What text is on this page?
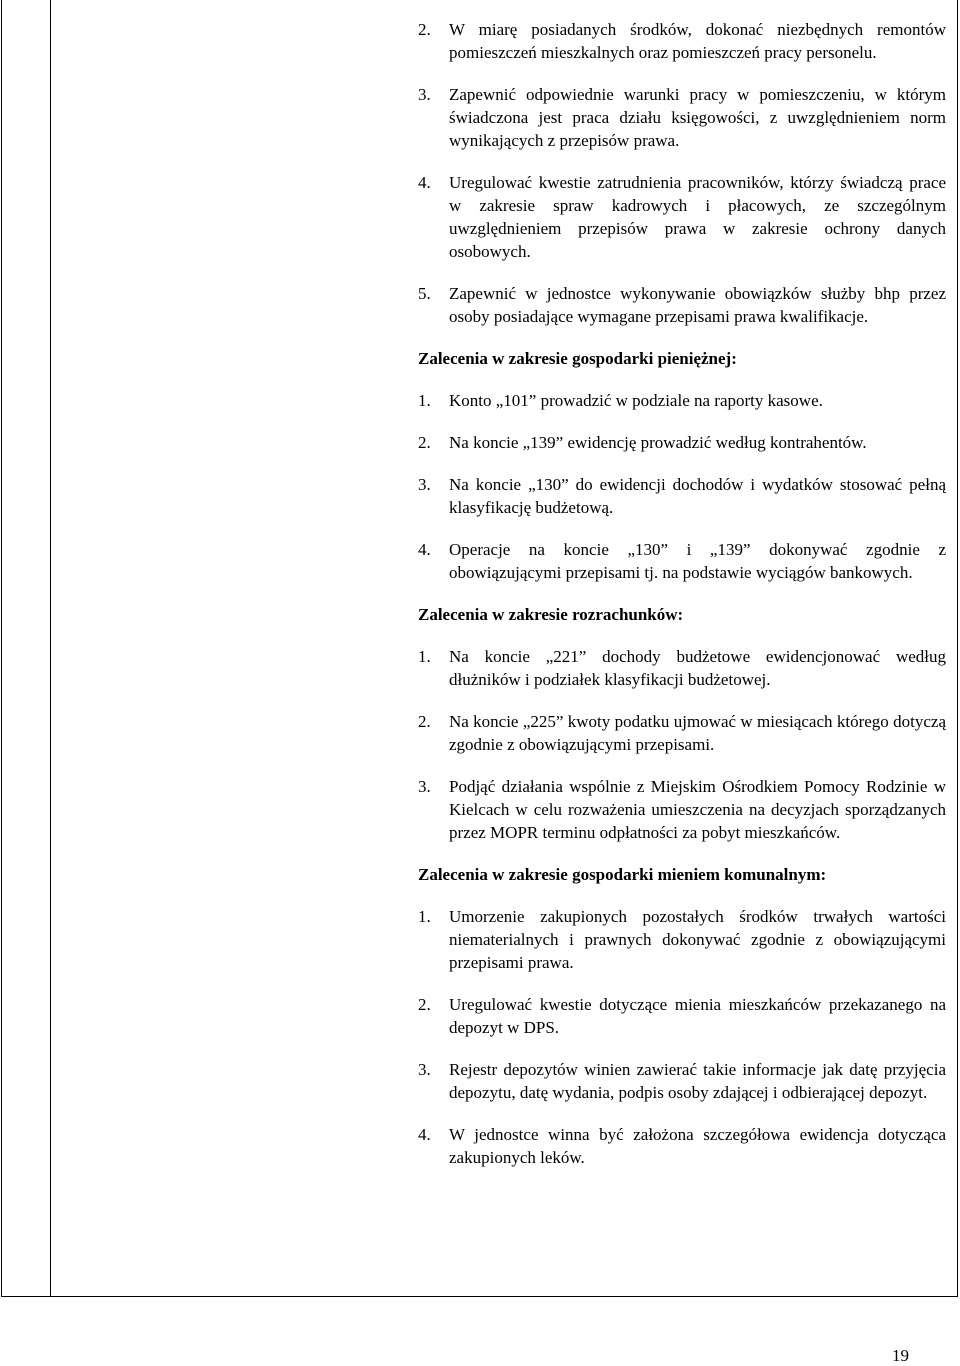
2.	W miarę posiadanych środków, dokonać niezbędnych remontów pomieszczeń mieszkalnych oraz pomieszczeń pracy personelu.
3.	Zapewnić odpowiednie warunki pracy w pomieszczeniu, w którym świadczona jest praca działu księgowości, z uwzględnieniem norm wynikających z przepisów prawa.
4.	Uregulować kwestie zatrudnienia pracowników, którzy świadczą prace w zakresie spraw kadrowych i płacowych, ze szczególnym uwzględnieniem przepisów prawa w zakresie ochrony danych osobowych.
5.	Zapewnić w jednostce wykonywanie obowiązków służby bhp przez osoby posiadające wymagane przepisami prawa kwalifikacje.
Zalecenia w zakresie gospodarki pieniężnej:
1.	Konto „101” prowadzić w podziale na raporty kasowe.
2.	Na koncie „139” ewidencję prowadzić według kontrahentów.
3.	Na koncie „130” do ewidencji dochodów i wydatków stosować pełną klasyfikację budżetową.
4.	Operacje na koncie „130” i „139” dokonywać zgodnie z obowiązującymi przepisami tj. na podstawie wyciągów bankowych.
Zalecenia w zakresie rozrachunków:
1.	Na koncie „221” dochody budżetowe ewidencjonować według dłużników i podziałek klasyfikacji budżetowej.
2.	Na koncie „225” kwoty podatku ujmować w miesiącach którego dotyczą zgodnie z obowiązującymi przepisami.
3.	Podjąć działania wspólnie z Miejskim Ośrodkiem Pomocy Rodzinie w Kielcach w celu rozważenia umieszczenia na decyzjach sporządzanych przez MOPR terminu odpłatności za pobyt mieszkańców.
Zalecenia w zakresie gospodarki mieniem komunalnym:
1.	Umorzenie zakupionych pozostałych środków trwałych wartości niematerialnych i prawnych dokonywać zgodnie z obowiązującymi przepisami prawa.
2.	Uregulować kwestie dotyczące mienia mieszkańców przekazanego na depozyt w DPS.
3.	Rejestr depozytów winien zawierać takie informacje jak datę przyjęcia depozytu, datę wydania, podpis osoby zdającej i odbierającej depozyt.
4.	W jednostce winna być założona szczegółowa ewidencja dotycząca zakupionych leków.
19
